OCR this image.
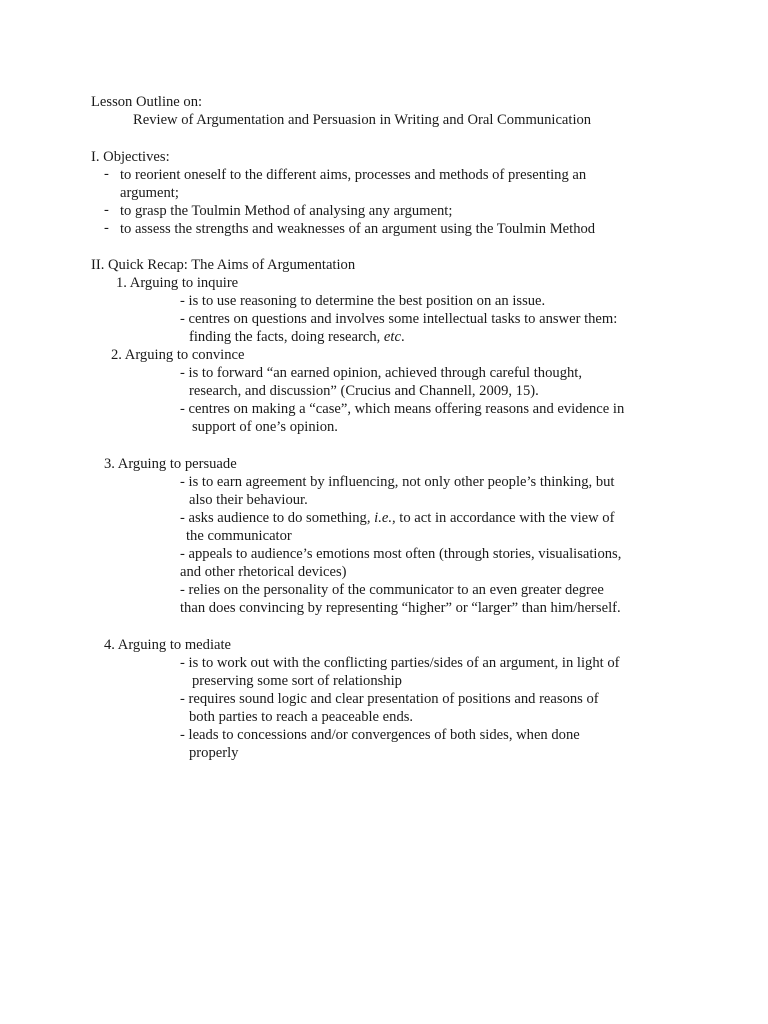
Lesson Outline on:
Review of Argumentation and Persuasion in Writing and Oral Communication
I. Objectives:
- to reorient oneself to the different aims, processes and methods of presenting an
argument;
- to grasp the Toulmin Method of analysing any argument;
- to assess the strengths and weaknesses of an argument using the Toulmin Method
II. Quick Recap: The Aims of Argumentation
1. Arguing to inquire
- is to use reasoning to determine the best position on an issue.
- centres on questions and involves some intellectual tasks to answer them:
finding the facts, doing research, etc.
2. Arguing to convince
- is to forward “an earned opinion, achieved through careful thought,
research, and discussion” (Crucius and Channell, 2009, 15).
- centres on making a “case”, which means offering reasons and evidence in
support of one’s opinion.
3. Arguing to persuade
- is to earn agreement by influencing, not only other people’s thinking, but
also their behaviour.
- asks audience to do something, i.e., to act in accordance with the view of
the communicator
- appeals to audience’s emotions most often (through stories, visualisations,
and other rhetorical devices)
- relies on the personality of the communicator to an even greater degree
than does convincing by representing “higher” or “larger” than him/herself.
4. Arguing to mediate
- is to work out with the conflicting parties/sides of an argument, in light of
preserving some sort of relationship
- requires sound logic and clear presentation of positions and reasons of
both parties to reach a peaceable ends.
- leads to concessions and/or convergences of both sides, when done
properly
